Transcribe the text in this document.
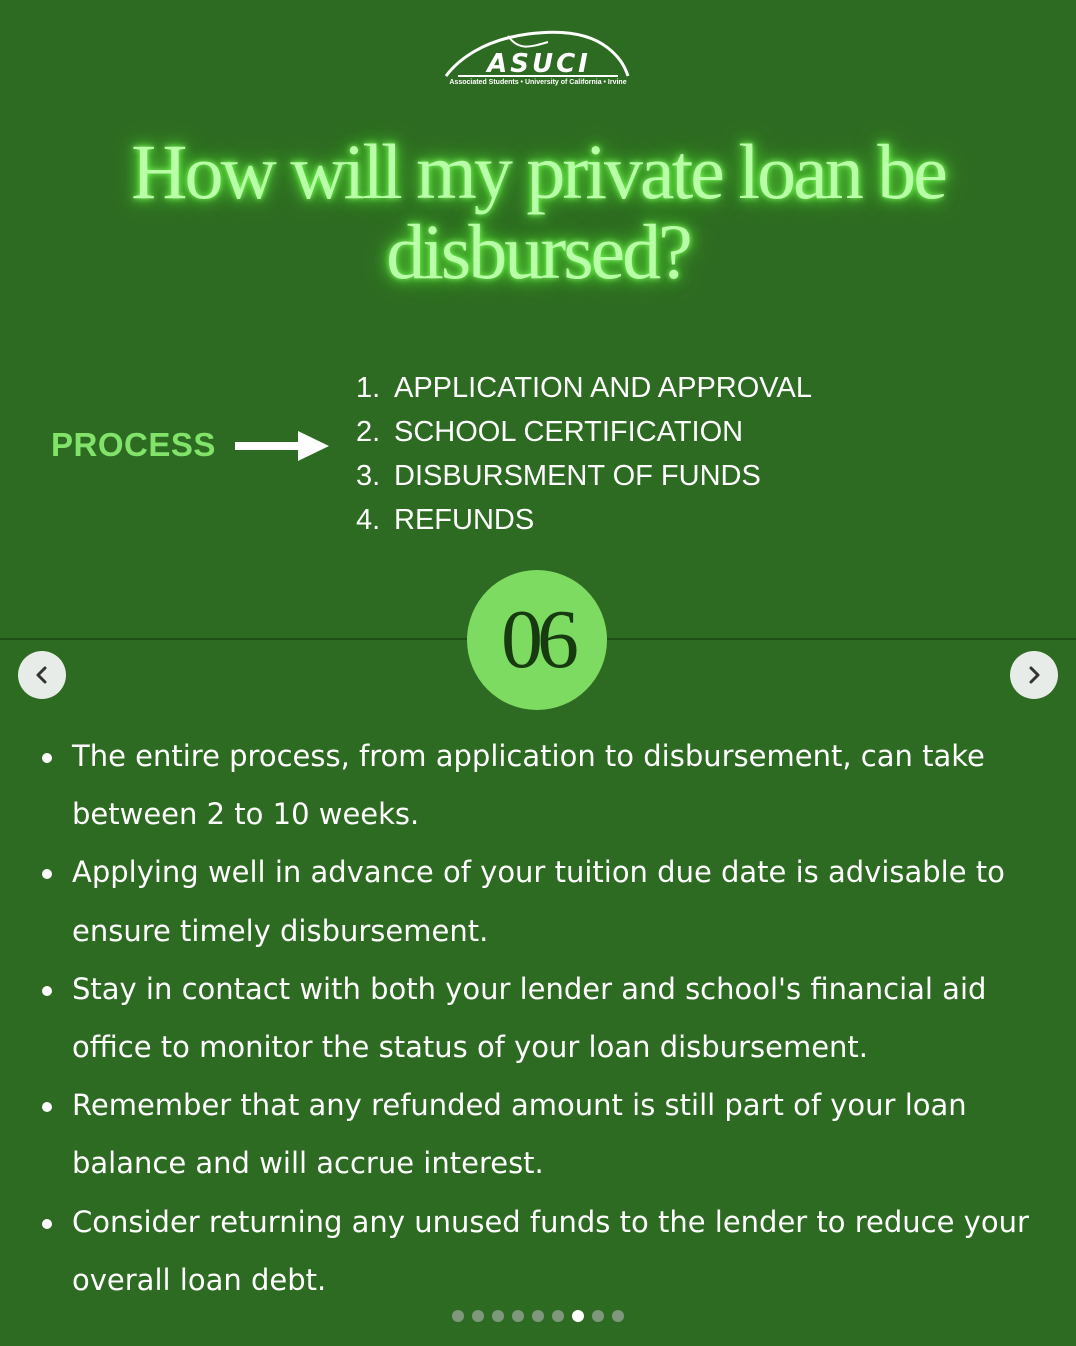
ASUCI
Associated Students • University of California • Irvine
How will my private loan be disbursed?
PROCESS
1. APPLICATION AND APPROVAL
2. SCHOOL CERTIFICATION
3. DISBURSMENT OF FUNDS
4. REFUNDS
06
The entire process, from application to disbursement, can take between 2 to 10 weeks.
Applying well in advance of your tuition due date is advisable to ensure timely disbursement.
Stay in contact with both your lender and school's financial aid office to monitor the status of your loan disbursement.
Remember that any refunded amount is still part of your loan balance and will accrue interest.
Consider returning any unused funds to the lender to reduce your overall loan debt.
